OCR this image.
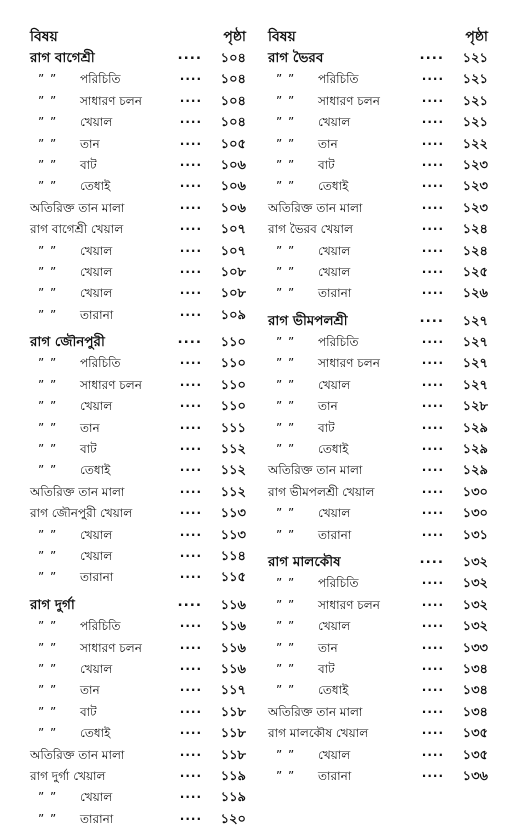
বিষয়	পৃষ্ঠা
রাগ বাগেশ্রী	.... ১০৪
” ”পরিচিতি	.... ১০৪
” ”সাধারণ চলন	.... ১০৪
” ”খেয়াল	.... ১০৪
” ”তান	.... ১০৫
” ”বাট	.... ১০৬
” ”তেধাই	.... ১০৬
অতিরিক্ত তান মালা	.... ১০৬
রাগ বাগেশ্রী খেয়াল	.... ১০৭
” ”খেয়াল	.... ১০৭
” ”খেয়াল	.... ১০৮
” ”খেয়াল	.... ১০৮
” ”তারানা	.... ১০৯
রাগ জৌনপুরী	.... ১১০
” ”পরিচিতি	.... ১১০
” ”সাধারণ চলন	.... ১১০
” ”খেয়াল	.... ১১০
” ”তান	.... ১১১
” ”বাট	.... ১১২
” ”তেধাই	.... ১১২
অতিরিক্ত তান মালা	.... ১১২
রাগ জৌনপুরী খেয়াল	.... ১১৩
” ”খেয়াল	.... ১১৩
” ”খেয়াল	.... ১১৪
” ”তারানা	.... ১১৫
রাগ দুর্গা	.... ১১৬
” ”পরিচিতি	.... ১১৬
” ”সাধারণ চলন	.... ১১৬
” ”খেয়াল	.... ১১৬
” ”তান	.... ১১৭
” ”বাট	.... ১১৮
” ”তেধাই	.... ১১৮
অতিরিক্ত তান মালা	.... ১১৮
রাগ দুর্গা খেয়াল	.... ১১৯
” ”খেয়াল	.... ১১৯
” ”তারানা	.... ১২০
বিষয়	পৃষ্ঠা
রাগ ভৈরব	.... ১২১
” ”পরিচিতি	.... ১২১
” ”সাধারণ চলন	.... ১২১
” ”খেয়াল	.... ১২১
” ”তান	.... ১২২
” ”বাট	.... ১২৩
” ”তেধাই	.... ১২৩
অতিরিক্ত তান মালা	.... ১২৩
রাগ ভৈরব খেয়াল	.... ১২৪
” ”খেয়াল	.... ১২৪
” ”খেয়াল	.... ১২৫
” ”তারানা	.... ১২৬
রাগ ভীমপলশ্রী	.... ১২৭
” ”পরিচিতি	.... ১২৭
” ”সাধারণ চলন	.... ১২৭
” ”খেয়াল	.... ১২৭
” ”তান	.... ১২৮
” ”বাট	.... ১২৯
” ”তেধাই	.... ১২৯
অতিরিক্ত তান মালা	.... ১২৯
রাগ ভীমপলশ্রী খেয়াল	.... ১৩০
” ”খেয়াল	.... ১৩০
” ”তারানা	.... ১৩১
রাগ মালকৌষ	.... ১৩২
” ”পরিচিতি	.... ১৩২
” ”সাধারণ চলন	.... ১৩২
” ”খেয়াল	.... ১৩২
” ”তান	.... ১৩৩
” ”বাট	.... ১৩৪
” ”তেধাই	.... ১৩৪
অতিরিক্ত তান মালা	.... ১৩৪
রাগ মালকৌষ খেয়াল	.... ১৩৫
” ”খেয়াল	.... ১৩৫
” ”তারানা	.... ১৩৬
